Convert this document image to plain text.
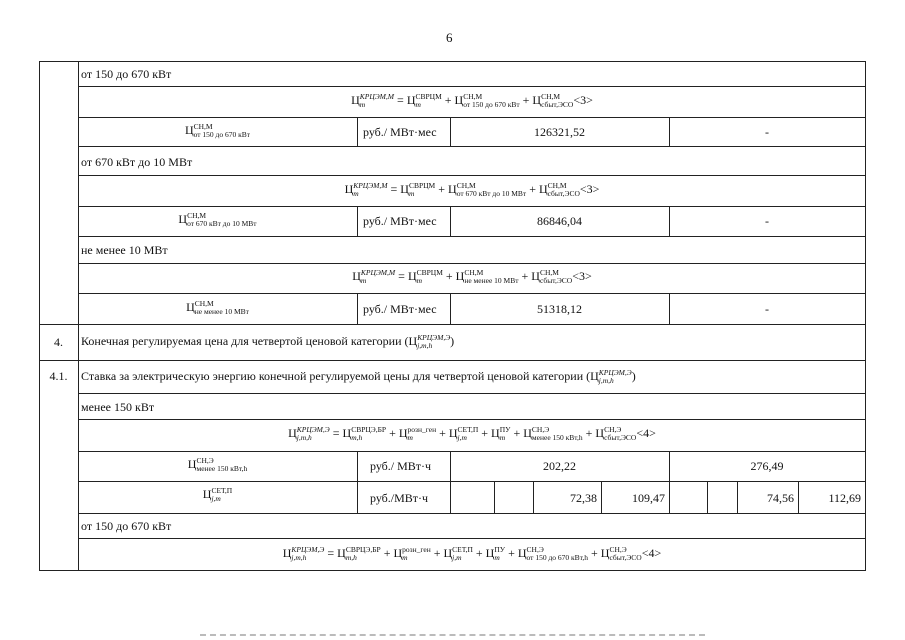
6
от 150 до 670 кВт
Ц КРЦЭМ,М
m	= Ц СВРЦМ
m	+ Ц СН,М
от 150 до 670 кВт + Ц СН,М
сбыт,ЭСО <3>
Ц СН,М
от 150 до 670 кВт	руб./ МВт·мес	126321,52	-
от 670 кВт до 10 МВт
Ц КРЦЭМ,М
m	= Ц СВРЦМ
m	+ Ц СН,М
от 670 кВт до 10 МВт + Ц СН,М
сбыт,ЭСО <3>
Ц СН,М
от 670 кВт до 10 МВт	руб./ МВт·мес	86846,04	-
не менее 10 МВт
Ц КРЦЭМ,М
m	= Ц СВРЦМ
m	+ Ц СН,М
не менее 10 МВт + Ц СН,М
сбыт,ЭСО <3>
Ц СН,М
не менее 10 МВт	руб./ МВт·мес	51318,12	-
4.	Конечная регулируемая цена для четвертой ценовой категории (Ц КРЦЭМ,Э
j,m,h	)
4.1.	Ставка за электрическую энергию конечной регулируемой цены для четвертой ценовой категории (Ц КРЦЭМ,Э
j,m,h	)
менее 150 кВт
Ц КРЦЭМ,Э
j,m,h	= Ц СВРЦЭ,БР
m,h	+ Ц розн_ген
m	+ Ц СЕТ,П
j,m	+ Ц ПУ
m + Ц СН,Э
менее 150 кВт,h + Ц СН,Э
сбыт,ЭСО <4>
Ц СН,Э
менее 150 кВт,h	руб./ МВт·ч	202,22	276,49
Ц СЕТ,П
j,m	руб./МВт·ч	72,38	109,47	74,56	112,69
от 150 до 670 кВт
Ц КРЦЭМ,Э
j,m,h	= Ц СВРЦЭ,БР
m,h	+ Ц розн_ген
m	+ Ц СЕТ,П
j,m	+ Ц ПУ
m + Ц СН,Э
от 150 до 670 кВт,h + Ц СН,Э
сбыт,ЭСО <4>
